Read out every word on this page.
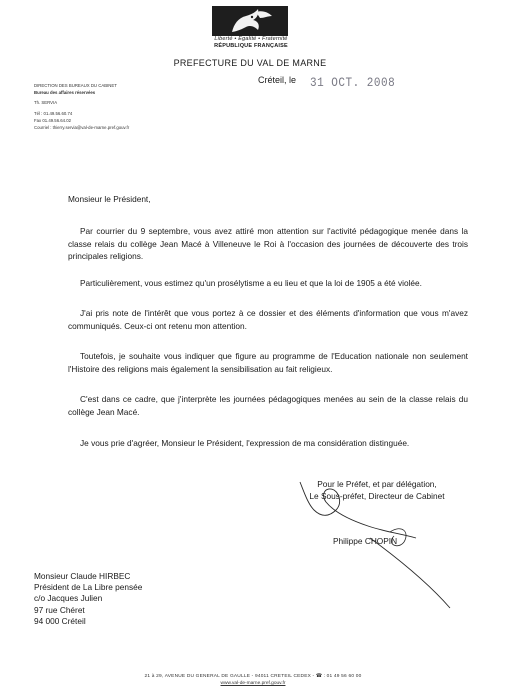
Liberté • Égalité • Fraternité
RÉPUBLIQUE FRANÇAISE
PREFECTURE DU VAL DE MARNE
Créteil, le 31 OCT. 2008
DIRECTION DES BUREAUX DU CABINET
Bureau des affaires réservées
Th. SERVIA
Tél : 01.49.56.60.74
Fax 01.49.56.64.02
Courriel : thierry.servia@val-de-marne.pref.gouv.fr
Monsieur le Président,
Par courrier du 9 septembre, vous avez attiré mon attention sur l'activité pédagogique menée dans la classe relais du collège Jean Macé à Villeneuve le Roi à l'occasion des journées de découverte des trois principales religions.
Particulièrement, vous estimez qu'un prosélytisme a eu lieu et que la loi de 1905 a été violée.
J'ai pris note de l'intérêt que vous portez à ce dossier et des éléments d'information que vous m'avez communiqués. Ceux-ci ont retenu mon attention.
Toutefois, je souhaite vous indiquer que figure au programme de l'Education nationale non seulement l'Histoire des religions mais également la sensibilisation au fait religieux.
C'est dans ce cadre, que j'interprète les journées pédagogiques menées au sein de la classe relais du collège Jean Macé.
Je vous prie d'agréer, Monsieur le Président, l'expression de ma considération distinguée.
Pour le Préfet, et par délégation,
Le Sous-préfet, Directeur de Cabinet
Philippe CHOPIN
Monsieur Claude HIRBEC
Président de La Libre pensée
c/o Jacques Julien
97 rue Chéret
94 000 Créteil
21 à 29, AVENUE DU GENERAL DE GAULLE - 94011 CRETEIL CEDEX - ☎ : 01 49 56 60 00
www.val-de-marne.pref.gouv.fr
